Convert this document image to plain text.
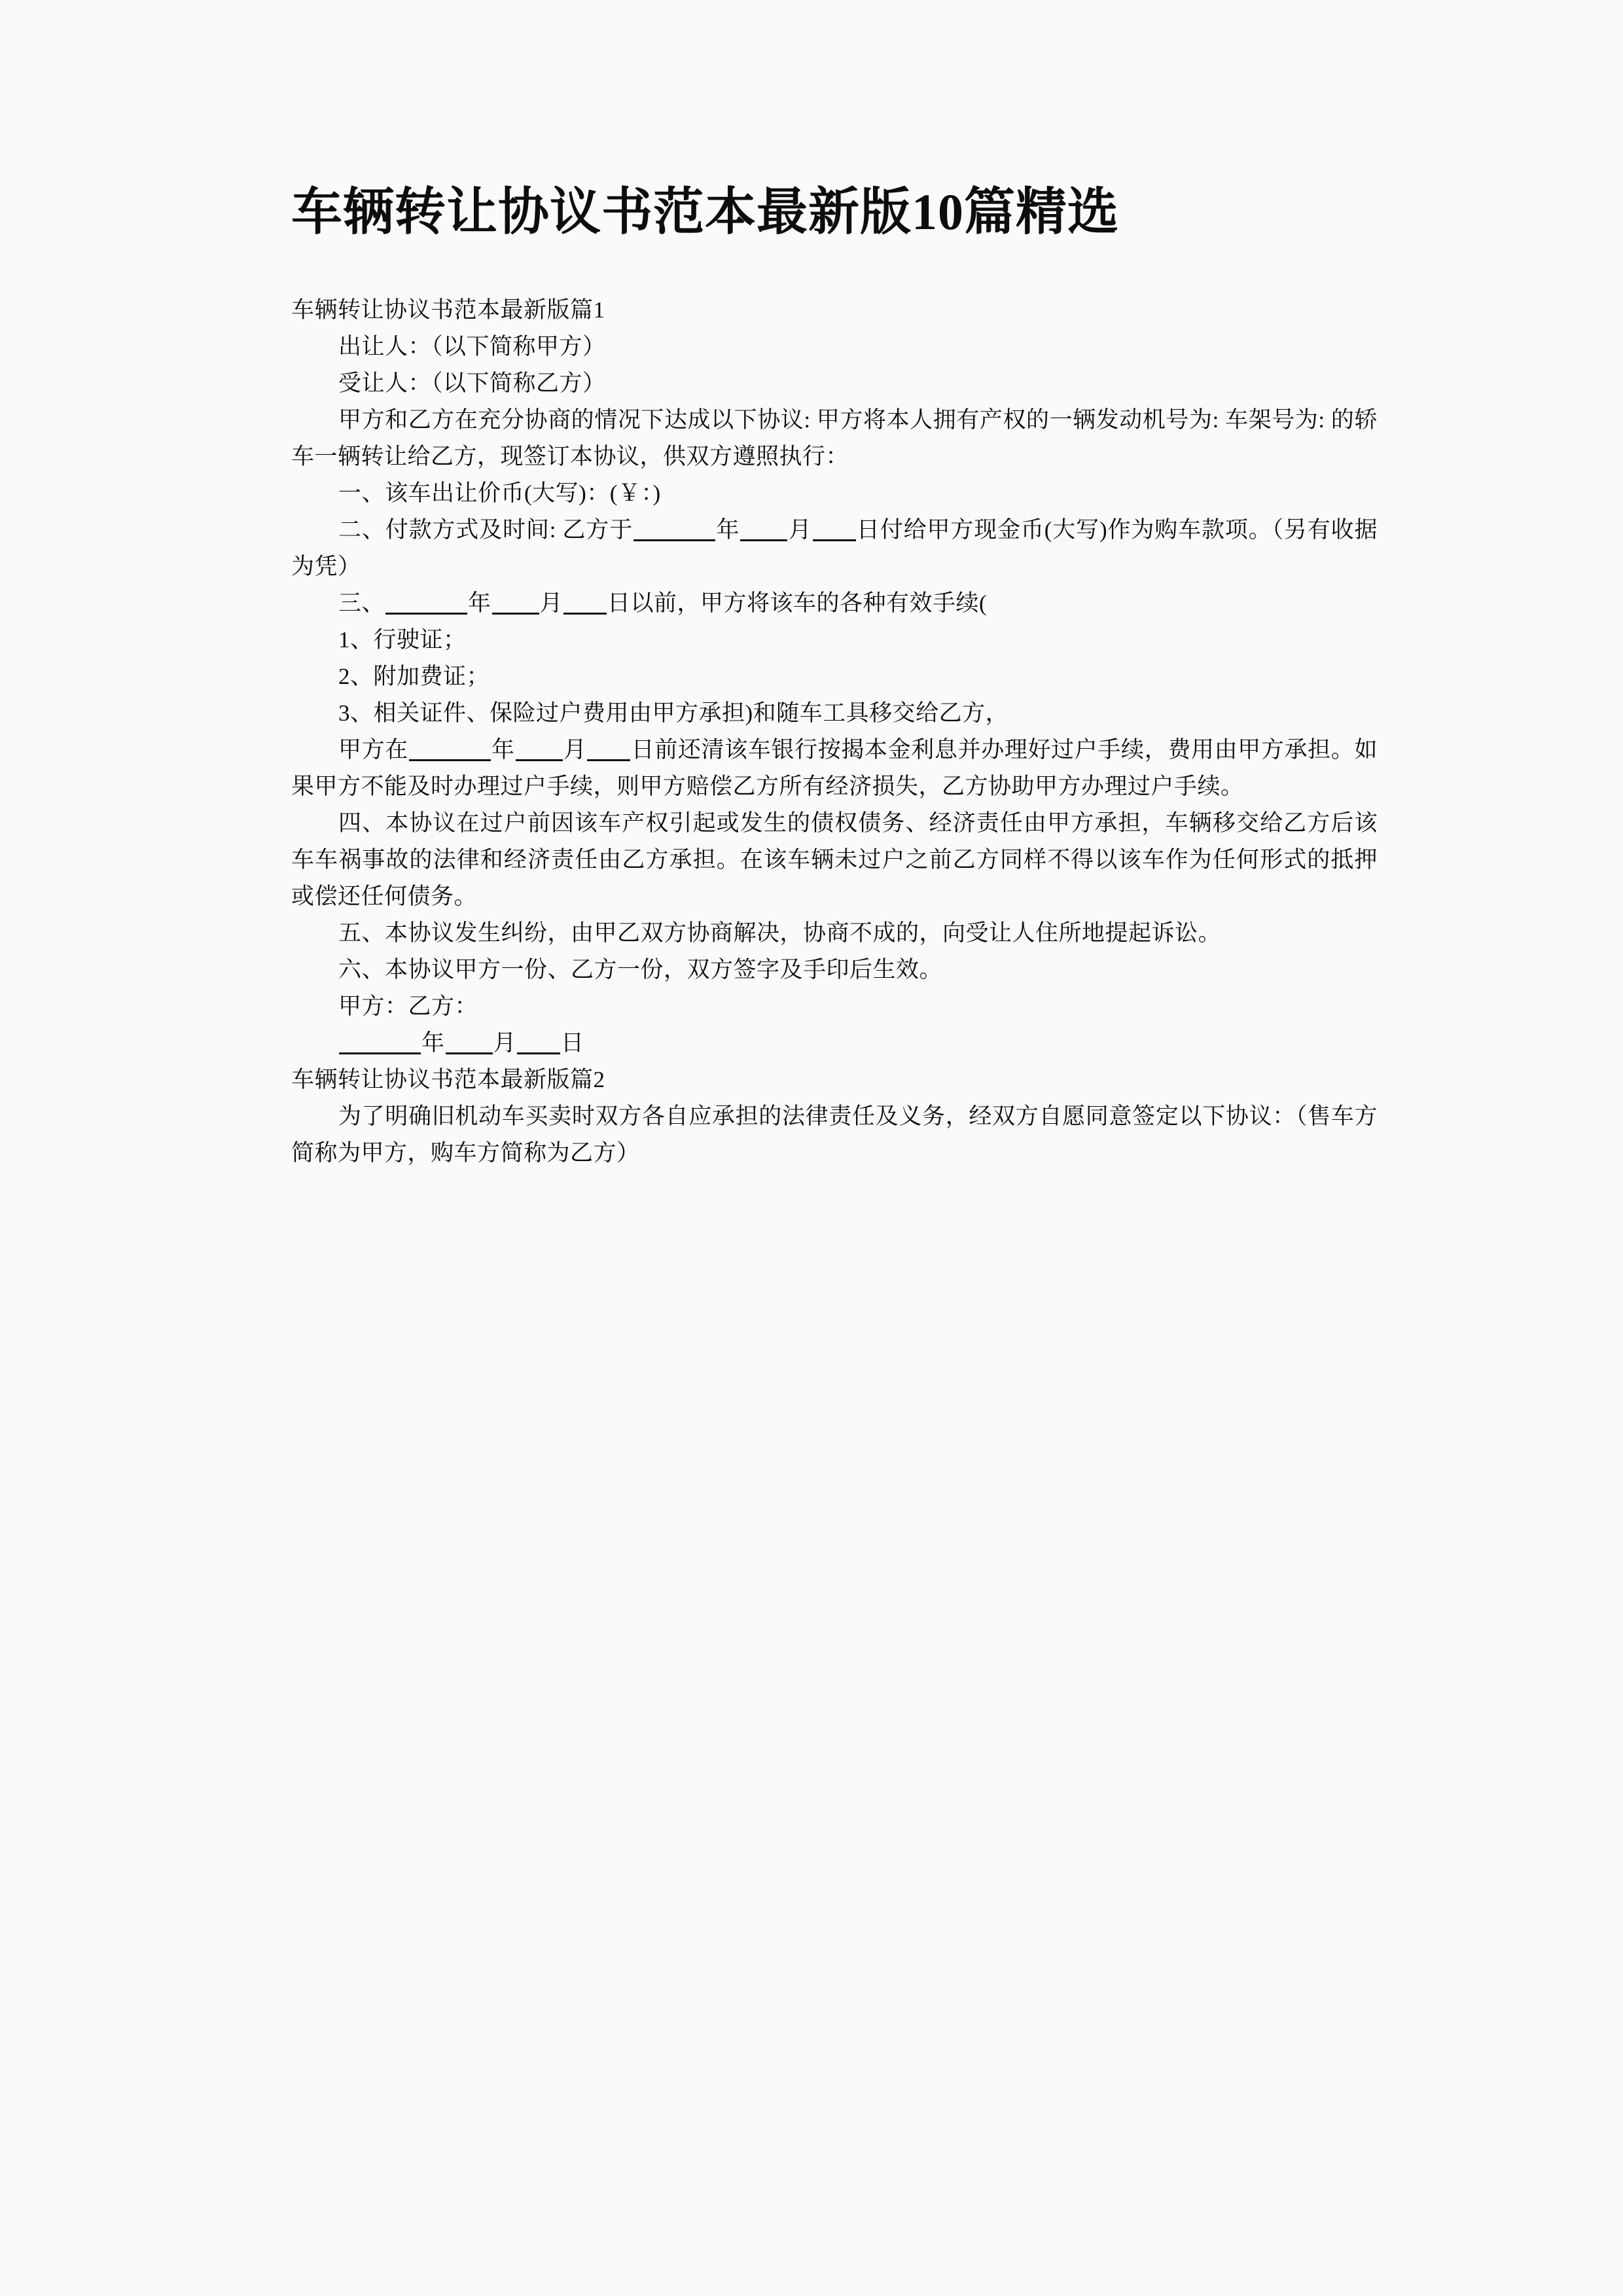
车辆转让协议书范本最新版10篇精选

车辆转让协议书范本最新版篇1

出让人：（以下简称甲方）

受让人：（以下简称乙方）

甲方和乙方在充分协商的情况下达成以下协议: 甲方将本人拥有产权的一辆发动机号为: 车架号为: 的轿车一辆转让给乙方，现签订本协议，供双方遵照执行：

一、该车出让价币(大写)：(￥：)

二、付款方式及时间: 乙方于	年 月 日付给甲方现金币(大写)作为购车款项。（另有收据为凭）

三、	年 月 日以前，甲方将该车的各种有效手续(

1、行驶证；

2、附加费证；

3、相关证件、保险过户费用由甲方承担)和随车工具移交给乙方，

甲方在	年 月 日前还清该车银行按揭本金利息并办理好过户手续，费用由甲方承担。如果甲方不能及时办理过户手续，则甲方赔偿乙方所有经济损失，乙方协助甲方办理过户手续。

四、本协议在过户前因该车产权引起或发生的债权债务、经济责任由甲方承担，车辆移交给乙方后该车车祸事故的法律和经济责任由乙方承担。在该车辆未过户之前乙方同样不得以该车作为任何形式的抵押或偿还任何债务。

五、本协议发生纠纷，由甲乙双方协商解决，协商不成的，向受让人住所地提起诉讼。

六、本协议甲方一份、乙方一份，双方签字及手印后生效。

甲方：乙方：

年 月 日

车辆转让协议书范本最新版篇2

为了明确旧机动车买卖时双方各自应承担的法律责任及义务，经双方自愿同意签定以下协议：（售车方简称为甲方，购车方简称为乙方）
